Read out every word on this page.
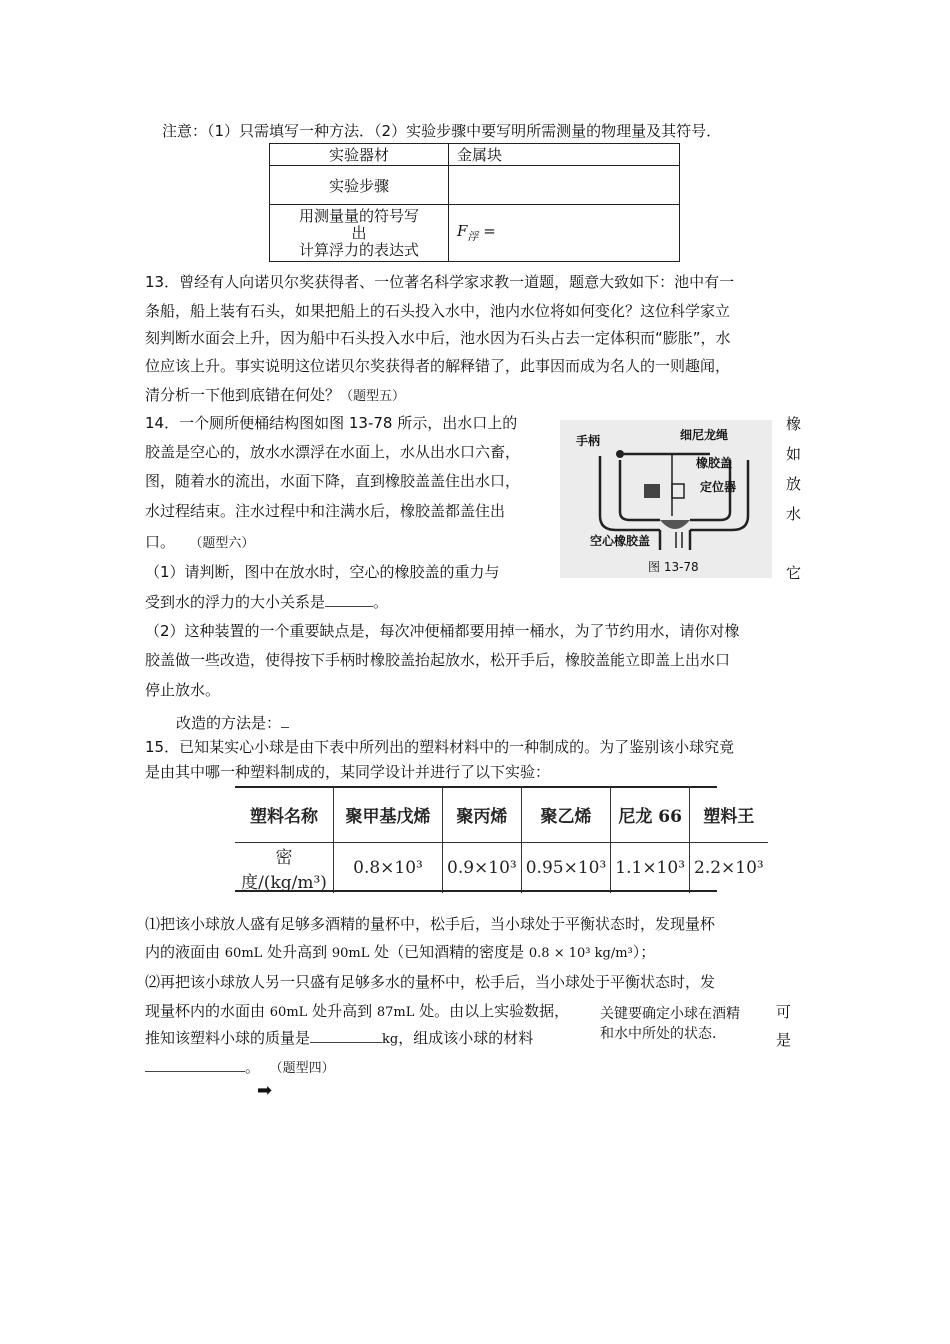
注意：（1）只需填写一种方法．（2）实验步骤中要写明所需测量的物理量及其符号．
实验器材	金属块
实验步骤	

用测量量的符号写
出
计算浮力的表达式	$F_浮$ =
13．曾经有人向诺贝尔奖获得者、一位著名科学家求教一道题，题意大致如下：池中有一
条船，船上装有石头，如果把船上的石头投入水中，池内水位将如何变化？这位科学家立
刻判断水面会上升，因为船中石头投入水中后，池水因为石头占去一定体积而“膨胀”，水
位应该上升。事实说明这位诺贝尔奖获得者的解释错了，此事因而成为名人的一则趣闻，
清分析一下他到底错在何处？（题型五）
14．一个厕所便桶结构图如图 13-78 所示，出水口上的
胶盖是空心的，放水水漂浮在水面上，水从出水口六畜，
图，随着水的流出，水面下降，直到橡胶盖盖住出水口，
水过程结束。注水过程中和注满水后，橡胶盖都盖住出
口。 （题型六）
橡
如
放
水
手柄	细尼龙绳
橡胶盖
定位器
空心橡胶盖
图 13-78
（1）请判断，图中在放水时，空心的橡胶盖的重力与	它
受到水的浮力的大小关系是	。
（2）这种装置的一个重要缺点是，每次冲便桶都要用掉一桶水，为了节约用水，请你对橡
胶盖做一些改造，使得按下手柄时橡胶盖抬起放水，松开手后，橡胶盖能立即盖上出水口
停止放水。
改造的方法是：
15．已知某实心小球是由下表中所列出的塑料材料中的一种制成的。为了鉴别该小球究竟
是由其中哪一种塑料制成的，某同学设计并进行了以下实验：
塑料名称	聚甲基戊烯	聚丙烯	聚乙烯	尼龙 66	塑料王
密度/(kg/m³)	0.8×10³	0.9×10³	0.95×10³	1.1×10³	2.2×10³
⑴把该小球放人盛有足够多酒精的量杯中，松手后，当小球处于平衡状态时，发现量杯
内的液面由 60mL 处升高到 90mL 处（已知酒精的密度是 0.8 × 10³ kg/m³）；
⑵再把该小球放人另一只盛有足够多水的量杯中，松手后，当小球处于平衡状态时，发
现量杯内的水面由 60mL 处升高到 87mL 处。由以上实验数据，	可
关键要确定小球在酒精
和水中所处的状态．
推知该塑料小球的质量是	kg，组成该小球的材料	是
。 （题型四）
➡
